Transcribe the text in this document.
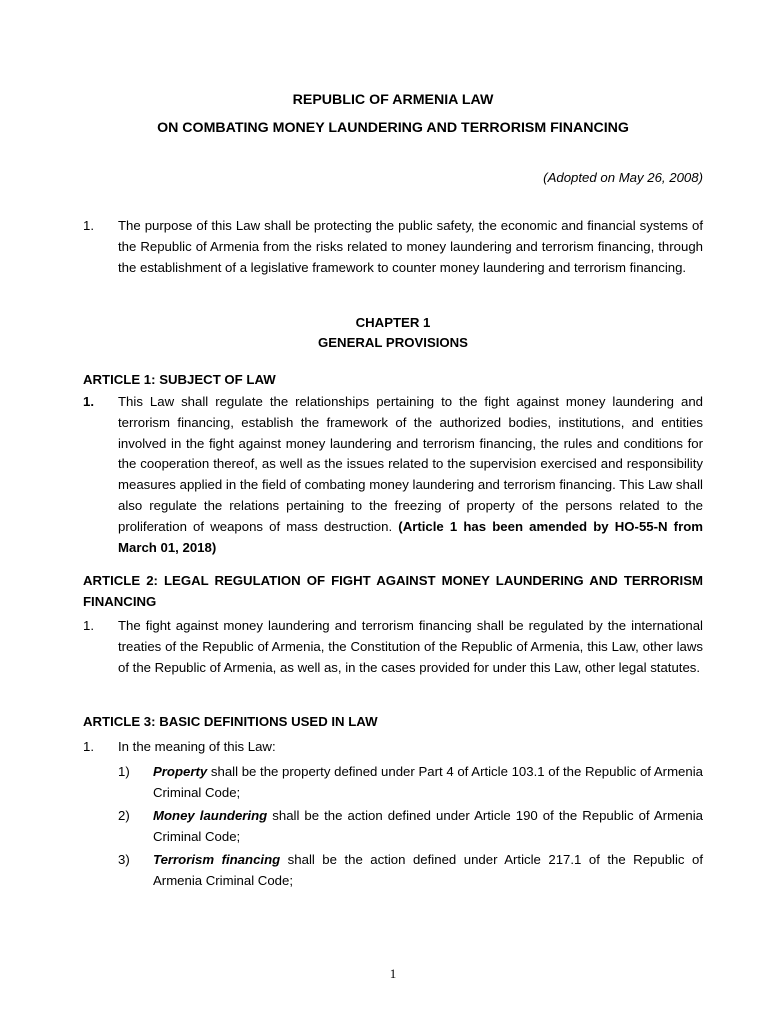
REPUBLIC OF ARMENIA LAW
ON COMBATING MONEY LAUNDERING AND TERRORISM FINANCING
(Adopted on May 26, 2008)
1. The purpose of this Law shall be protecting the public safety, the economic and financial systems of the Republic of Armenia from the risks related to money laundering and terrorism financing, through the establishment of a legislative framework to counter money laundering and terrorism financing.
CHAPTER 1
GENERAL PROVISIONS
ARTICLE 1: SUBJECT OF LAW
1. This Law shall regulate the relationships pertaining to the fight against money laundering and terrorism financing, establish the framework of the authorized bodies, institutions, and entities involved in the fight against money laundering and terrorism financing, the rules and conditions for the cooperation thereof, as well as the issues related to the supervision exercised and responsibility measures applied in the field of combating money laundering and terrorism financing. This Law shall also regulate the relations pertaining to the freezing of property of the persons related to the proliferation of weapons of mass destruction. (Article 1 has been amended by HO-55-N from March 01, 2018)
ARTICLE 2: LEGAL REGULATION OF FIGHT AGAINST MONEY LAUNDERING AND TERRORISM FINANCING
1. The fight against money laundering and terrorism financing shall be regulated by the international treaties of the Republic of Armenia, the Constitution of the Republic of Armenia, this Law, other laws of the Republic of Armenia, as well as, in the cases provided for under this Law, other legal statutes.
ARTICLE 3: BASIC DEFINITIONS USED IN LAW
1. In the meaning of this Law:
1) Property shall be the property defined under Part 4 of Article 103.1 of the Republic of Armenia Criminal Code;
2) Money laundering shall be the action defined under Article 190 of the Republic of Armenia Criminal Code;
3) Terrorism financing shall be the action defined under Article 217.1 of the Republic of Armenia Criminal Code;
1
